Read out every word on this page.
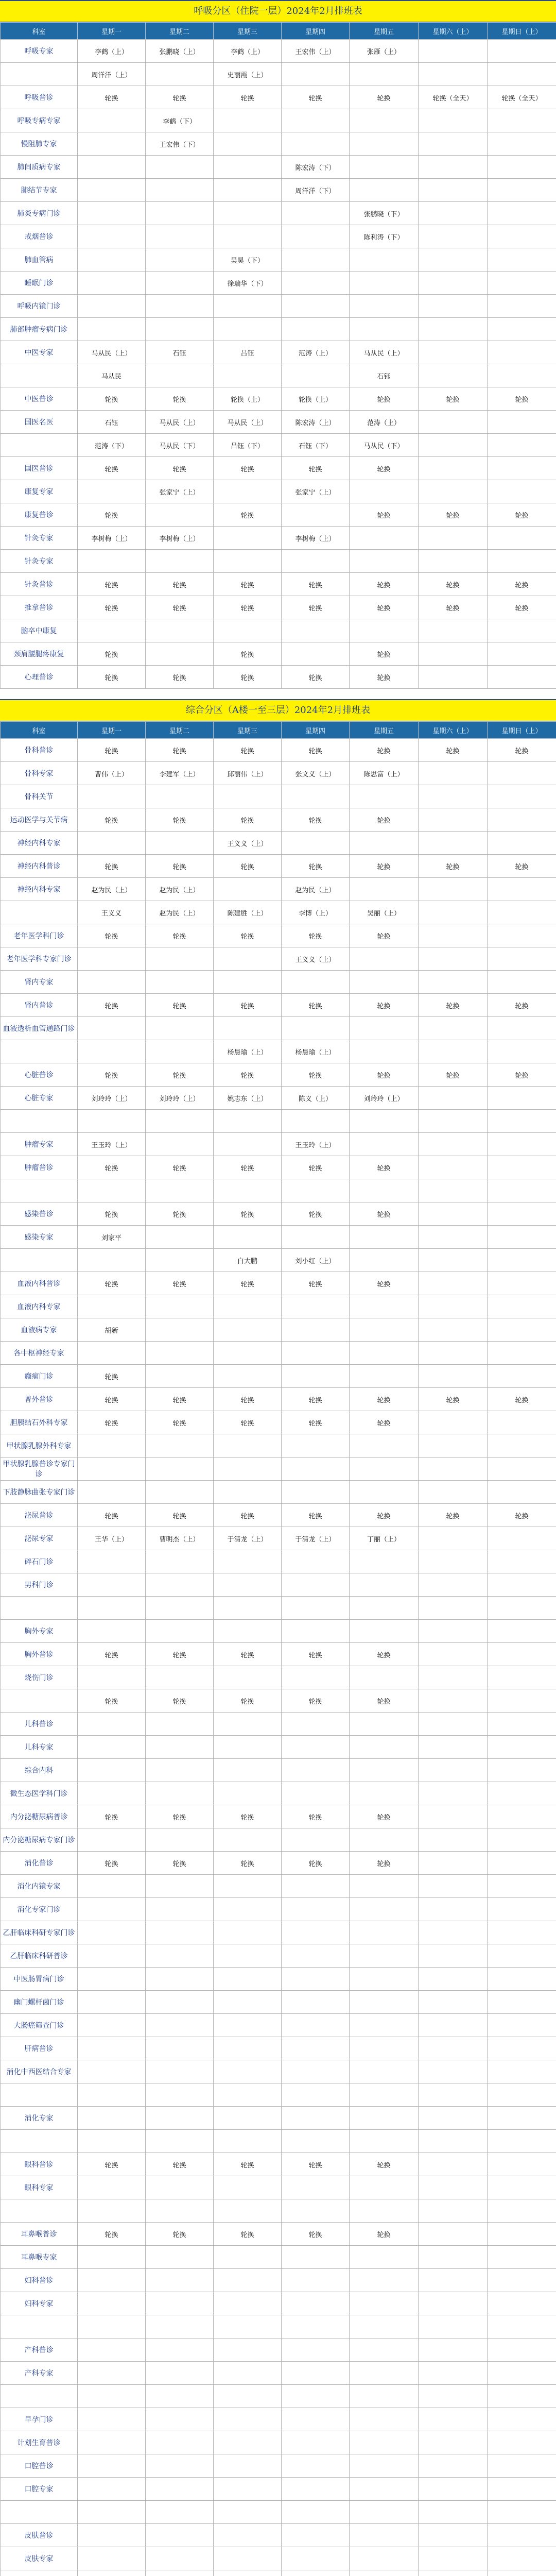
呼吸分区（住院一层）2024年2月排班表
科室	星期一	星期二	星期三	星期四	星期五	星期六（上）	星期日（上）
呼吸专家	李鹤（上）	张鹏晓（上）	李鹤（上）	王宏伟（上）	张雁（上）		
	周洋洋（上）		史丽霞（上）				
呼吸普诊	轮换	轮换	轮换	轮换	轮换	轮换（全天）	轮换（全天）
呼吸专病专家		李鹤（下）					
慢阻肺专家		王宏伟（下）					
肺间质病专家				陈宏涛（下）			
肺结节专家				周洋洋（下）			
肺炎专病门诊					张鹏晓（下）		
戒烟普诊					陈利涛（下）		
肺血管病			吴昊（下）				
睡眠门诊			徐瑞华（下）				
呼吸内镜门诊							
肺部肿瘤专病门诊							
中医专家	马从民（上）	石钰	吕钰	范涛（上）	马从民（上）		
	马从民				石钰		
中医普诊	轮换	轮换	轮换（上）	轮换（上）	轮换	轮换	轮换
国医名医	石钰	马从民（上）	马从民（上）	陈宏涛（上）	范涛（上）		
	范涛（下）	马从民（下）	吕钰（下）	石钰（下）	马从民（下）		
国医普诊	轮换	轮换	轮换	轮换	轮换		
康复专家		张家宁（上）		张家宁（上）			
康复普诊	轮换		轮换		轮换	轮换	轮换
针灸专家	李树梅（上）	李树梅（上）		李树梅（上）			
针灸专家							
针灸普诊	轮换	轮换	轮换	轮换	轮换	轮换	轮换
推拿普诊	轮换	轮换	轮换	轮换	轮换	轮换	轮换
脑卒中康复							
颈肩腰腿疼康复	轮换		轮换		轮换		
心理普诊	轮换	轮换	轮换	轮换	轮换		
综合分区（A楼一至三层）2024年2月排班表
科室	星期一	星期二	星期三	星期四	星期五	星期六（上）	星期日（上）
骨科普诊	轮换	轮换	轮换	轮换	轮换	轮换	轮换
骨科专家	曹伟（上）	李建军（上）	邱丽伟（上）	张文义（上）	陈思富（上）		
骨科关节							
运动医学与关节病	轮换	轮换	轮换	轮换	轮换		
神经内科专家			王义义（上）				
神经内科普诊	轮换	轮换	轮换	轮换	轮换	轮换	轮换
神经内科专家	赵为民（上）	赵为民（上）		赵为民（上）			
	王义义	赵为民（上）	陈建胜（上）	李博（上）	吴丽（上）		
老年医学科门诊	轮换	轮换	轮换	轮换	轮换		
老年医学科专家门诊				王义义（上）			
肾内专家							
肾内普诊	轮换	轮换	轮换	轮换	轮换	轮换	轮换
血液透析血管通路门诊							
			杨晨瑜（上）	杨晨瑜（上）			
心脏普诊	轮换	轮换	轮换	轮换	轮换	轮换	轮换
心脏专家	刘玲玲（上）	刘玲玲（上）	姚志东（上）	陈义（上）	刘玲玲（上）		

肿瘤专家	王玉玲（上）			王玉玲（上）			
肿瘤普诊	轮换	轮换	轮换	轮换	轮换		

感染普诊	轮换	轮换	轮换	轮换	轮换		
感染专家	刘家平						
			白大鹏	刘小红（上）			
血液内科普诊	轮换	轮换	轮换	轮换	轮换		
血液内科专家							
血液病专家	胡新						
各中枢神经专家							
癫痫门诊	轮换						
普外普诊	轮换	轮换	轮换	轮换	轮换	轮换	轮换
胆胰结石外科专家	轮换	轮换	轮换	轮换	轮换		
甲状腺乳腺外科专家							
甲状腺乳腺普诊专家门诊							
下肢静脉曲张专家门诊							
泌尿普诊	轮换	轮换	轮换	轮换	轮换	轮换	轮换
泌尿专家	王华（上）	曹明杰（上）	于清龙（上）	于清龙（上）	丁丽（上）		
碎石门诊							
男科门诊							

胸外专家							
胸外普诊	轮换	轮换	轮换	轮换	轮换		
烧伤门诊							
	轮换	轮换	轮换	轮换	轮换		
儿科普诊							
儿科专家							
综合内科							
微生态医学科门诊							
内分泌糖尿病普诊	轮换	轮换	轮换	轮换	轮换		
内分泌糖尿病专家门诊							
消化普诊	轮换	轮换	轮换	轮换	轮换		
消化内镜专家							
消化专家门诊							
乙肝临床科研专家门诊							
乙肝临床科研普诊							
中医肠胃病门诊							
幽门螺杆菌门诊							
大肠癌筛查门诊							
肝病普诊							
消化中西医结合专家							

消化专家							

眼科普诊	轮换	轮换	轮换	轮换	轮换		
眼科专家							

耳鼻喉普诊	轮换	轮换	轮换	轮换	轮换		
耳鼻喉专家							
妇科普诊							
妇科专家							

产科普诊							
产科专家							

早孕门诊							
计划生育普诊							
口腔普诊							
口腔专家							

皮肤普诊							
皮肤专家							
